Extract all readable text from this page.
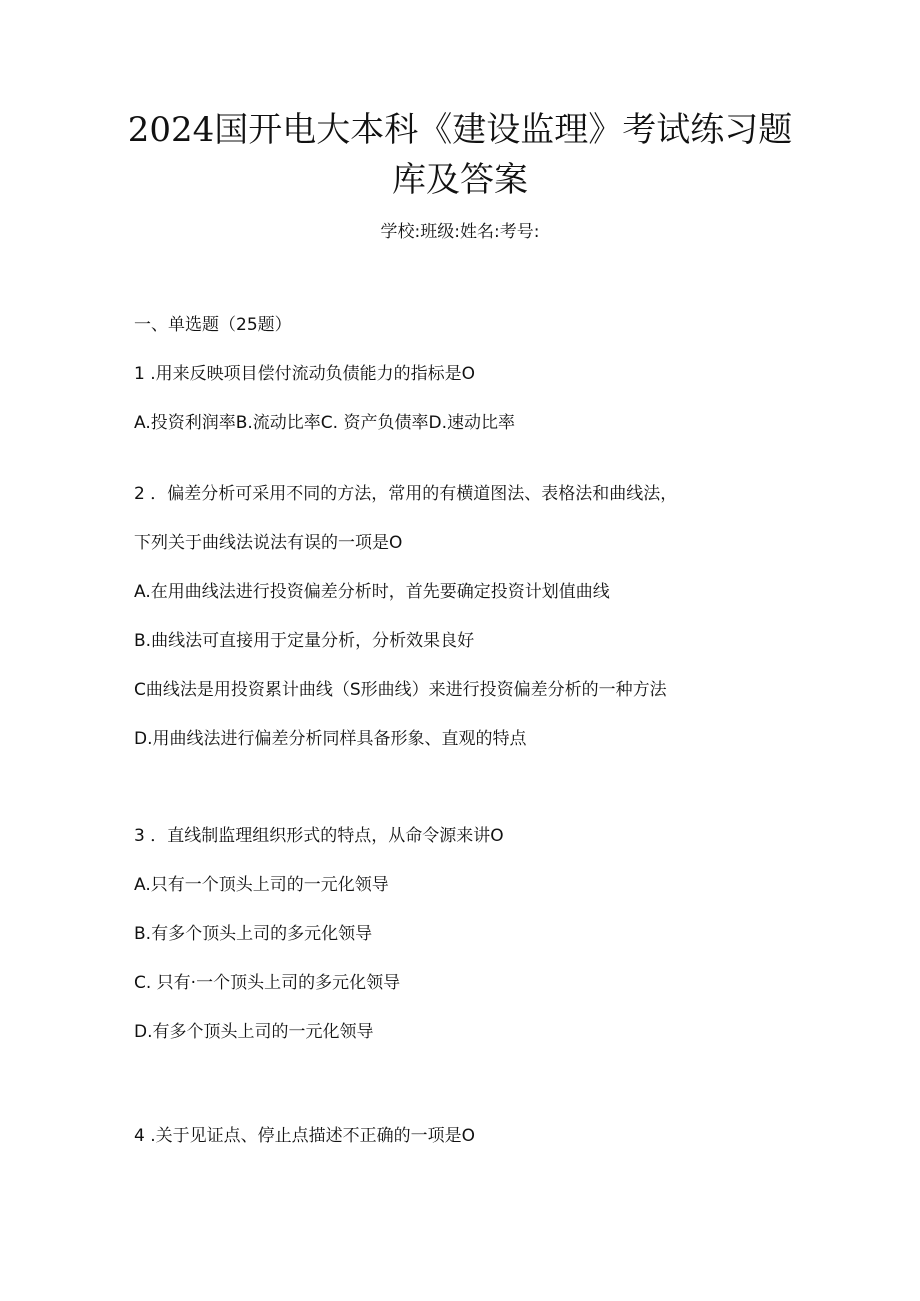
2024国开电大本科《建设监理》考试练习题
库及答案
学校:班级:姓名:考号:
一、单选题（25题）
1 .用来反映项目偿付流动负债能力的指标是O
A.投资利润率B.流动比率C. 资产负债率D.速动比率
2 ．偏差分析可采用不同的方法，常用的有横道图法、表格法和曲线法，
下列关于曲线法说法有误的一项是O
A.在用曲线法进行投资偏差分析时，首先要确定投资计划值曲线
B.曲线法可直接用于定量分析，分析效果良好
C曲线法是用投资累计曲线（S形曲线）来进行投资偏差分析的一种方法
D.用曲线法进行偏差分析同样具备形象、直观的特点
3 ．直线制监理组织形式的特点，从命令源来讲O
A.只有一个顶头上司的一元化领导
B.有多个顶头上司的多元化领导
C. 只有·一个顶头上司的多元化领导
D.有多个顶头上司的一元化领导
4 .关于见证点、停止点描述不正确的一项是O
